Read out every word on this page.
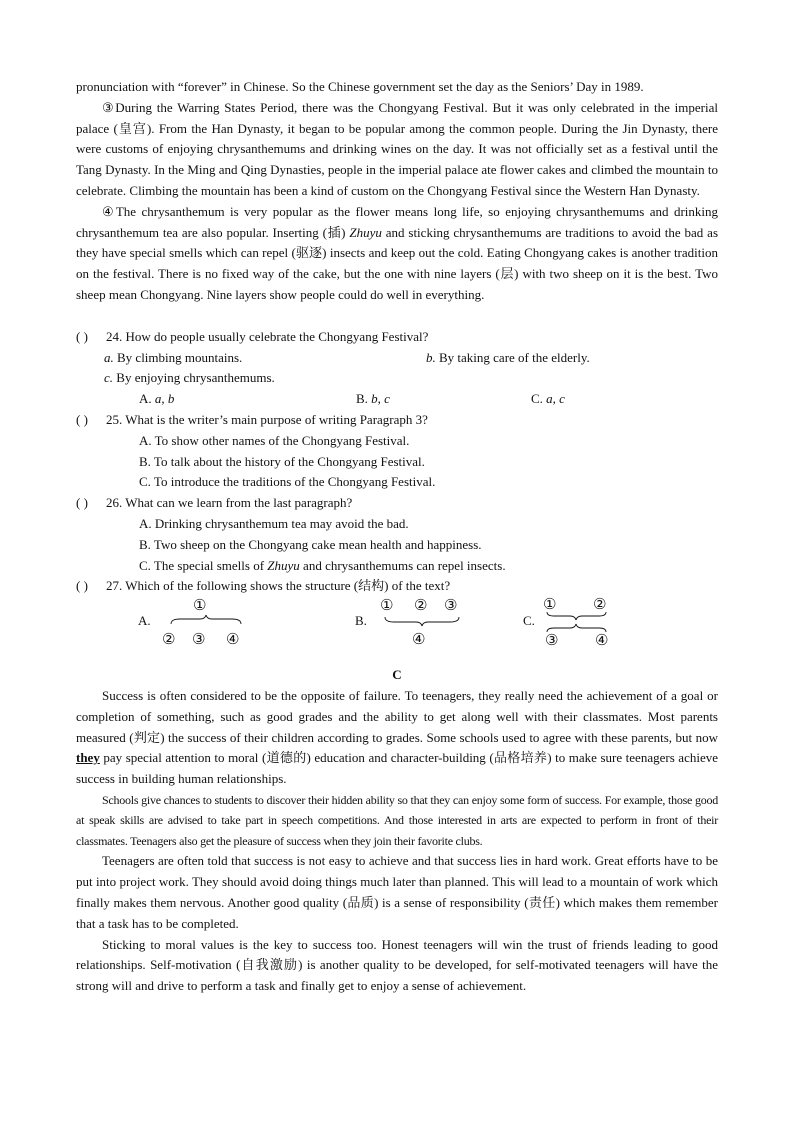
pronunciation with “forever” in Chinese. So the Chinese government set the day as the Seniors’ Day in 1989.

③During the Warring States Period, there was the Chongyang Festival. But it was only celebrated in the imperial palace (皇宫). From the Han Dynasty, it began to be popular among the common people. During the Jin Dynasty, there were customs of enjoying chrysanthemums and drinking wines on the day. It was not officially set as a festival until the Tang Dynasty. In the Ming and Qing Dynasties, people in the imperial palace ate flower cakes and climbed the mountain to celebrate. Climbing the mountain has been a kind of custom on the Chongyang Festival since the Western Han Dynasty.

④The chrysanthemum is very popular as the flower means long life, so enjoying chrysanthemums and drinking chrysanthemum tea are also popular. Inserting (插) Zhuyu and sticking chrysanthemums are traditions to avoid the bad as they have special smells which can repel (驱逐) insects and keep out the cold. Eating Chongyang cakes is another tradition on the festival. There is no fixed way of the cake, but the one with nine layers (层) with two sheep on it is the best. Two sheep mean Chongyang. Nine layers show people could do well in everything.

( ) 24. How do people usually celebrate the Chongyang Festival?
a. By climbing mountains.	b. By taking care of the elderly.
c. By enjoying chrysanthemums.
A. a, b	B. b, c	C. a, c
( ) 25. What is the writer’s main purpose of writing Paragraph 3?
A. To show other names of the Chongyang Festival.
B. To talk about the history of the Chongyang Festival.
C. To introduce the traditions of the Chongyang Festival.
( ) 26. What can we learn from the last paragraph?
A. Drinking chrysanthemum tea may avoid the bad.
B. Two sheep on the Chongyang cake mean health and happiness.
C. The special smells of Zhuyu and chrysanthemums can repel insects.
( ) 27. Which of the following shows the structure (结构) of the text?
A.
①
② ③ ④
B.
① ② ③
④
C.
① ②
③ ④
C

Success is often considered to be the opposite of failure. To teenagers, they really need the achievement of a goal or completion of something, such as good grades and the ability to get along well with their classmates. Most parents measured (判定) the success of their children according to grades. Some schools used to agree with these parents, but now they pay special attention to moral (道德的) education and character-building (品格培养) to make sure teenagers achieve success in building human relationships.

Schools give chances to students to discover their hidden ability so that they can enjoy some form of success. For example, those good at speak skills are advised to take part in speech competitions. And those interested in arts are expected to perform in front of their classmates. Teenagers also get the pleasure of success when they join their favorite clubs.

Teenagers are often told that success is not easy to achieve and that success lies in hard work. Great efforts have to be put into project work. They should avoid doing things much later than planned. This will lead to a mountain of work which finally makes them nervous. Another good quality (品质) is a sense of responsibility (责任) which makes them remember that a task has to be completed.

Sticking to moral values is the key to success too. Honest teenagers will win the trust of friends leading to good relationships. Self-motivation (自我激励) is another quality to be developed, for self-motivated teenagers will have the strong will and drive to perform a task and finally get to enjoy a sense of achievement.
